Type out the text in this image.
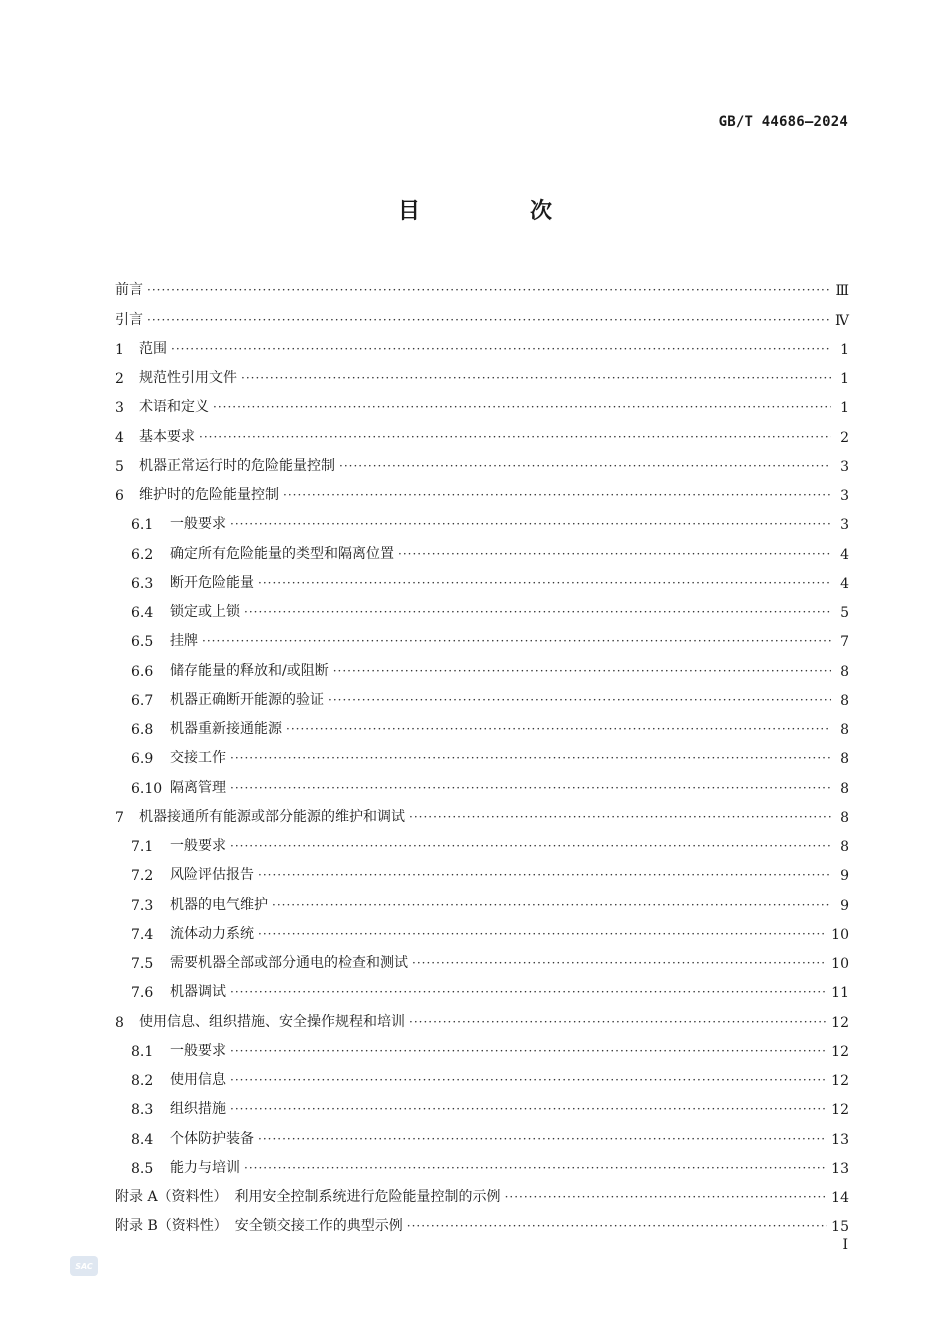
GB/T 44686—2024
目　次
前言 ·····	Ⅲ
引言 ·····	Ⅳ
1	范围 ·····	1
2	规范性引用文件 ·····	1
3	术语和定义 ·····	1
4	基本要求 ·····	2
5	机器正常运行时的危险能量控制 ·····	3
6	维护时的危险能量控制 ·····	3
6.1	一般要求 ·····	3
6.2	确定所有危险能量的类型和隔离位置 ·····	4
6.3	断开危险能量 ·····	4
6.4	锁定或上锁 ·····	5
6.5	挂牌 ·····	7
6.6	储存能量的释放和/或阻断 ·····	8
6.7	机器正确断开能源的验证 ·····	8
6.8	机器重新接通能源 ·····	8
6.9	交接工作 ·····	8
6.10 隔离管理 ·····	8
7	机器接通所有能源或部分能源的维护和调试 ·····	8
7.1	一般要求 ·····	8
7.2	风险评估报告 ·····	9
7.3	机器的电气维护 ·····	9
7.4	流体动力系统 ·····	10
7.5	需要机器全部或部分通电的检查和测试 ·····	10
7.6	机器调试 ·····	11
8	使用信息、组织措施、安全操作规程和培训 ·····	12
8.1	一般要求 ·····	12
8.2	使用信息 ·····	12
8.3	组织措施 ·····	12
8.4	个体防护装备 ·····	13
8.5	能力与培训 ·····	13
附录 A（资料性）　利用安全控制系统进行危险能量控制的示例 ·····	14
附录 B（资料性）　安全锁交接工作的典型示例 ·····	15
I
SAC
